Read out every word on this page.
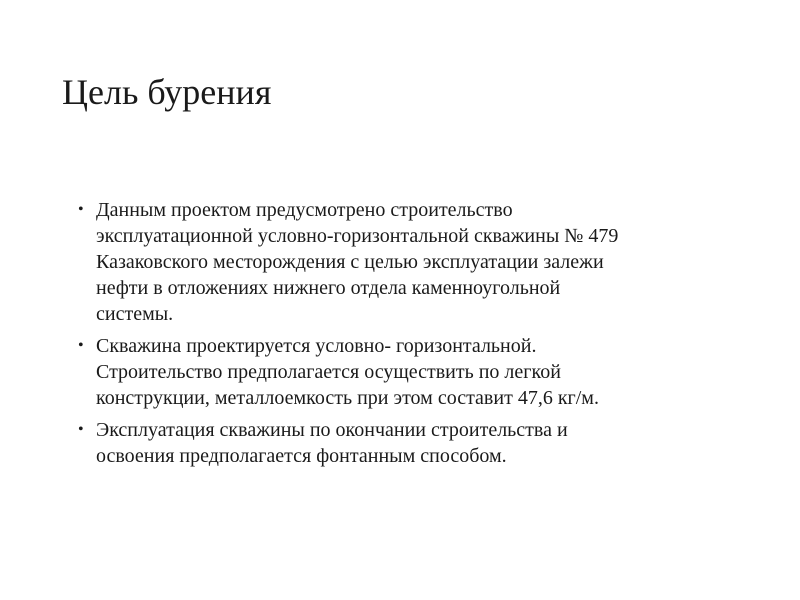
Цель бурения
• Данным проектом предусмотрено строительство
эксплуатационной условно-горизонтальной скважины № 479
Казаковского месторождения с целью эксплуатации залежи
нефти в отложениях нижнего отдела каменноугольной
системы.
• Скважина проектируется условно- горизонтальной.
Строительство предполагается осуществить по легкой
конструкции, металлоемкость при этом составит 47,6 кг/м.
• Эксплуатация скважины по окончании строительства и
освоения предполагается фонтанным способом.
